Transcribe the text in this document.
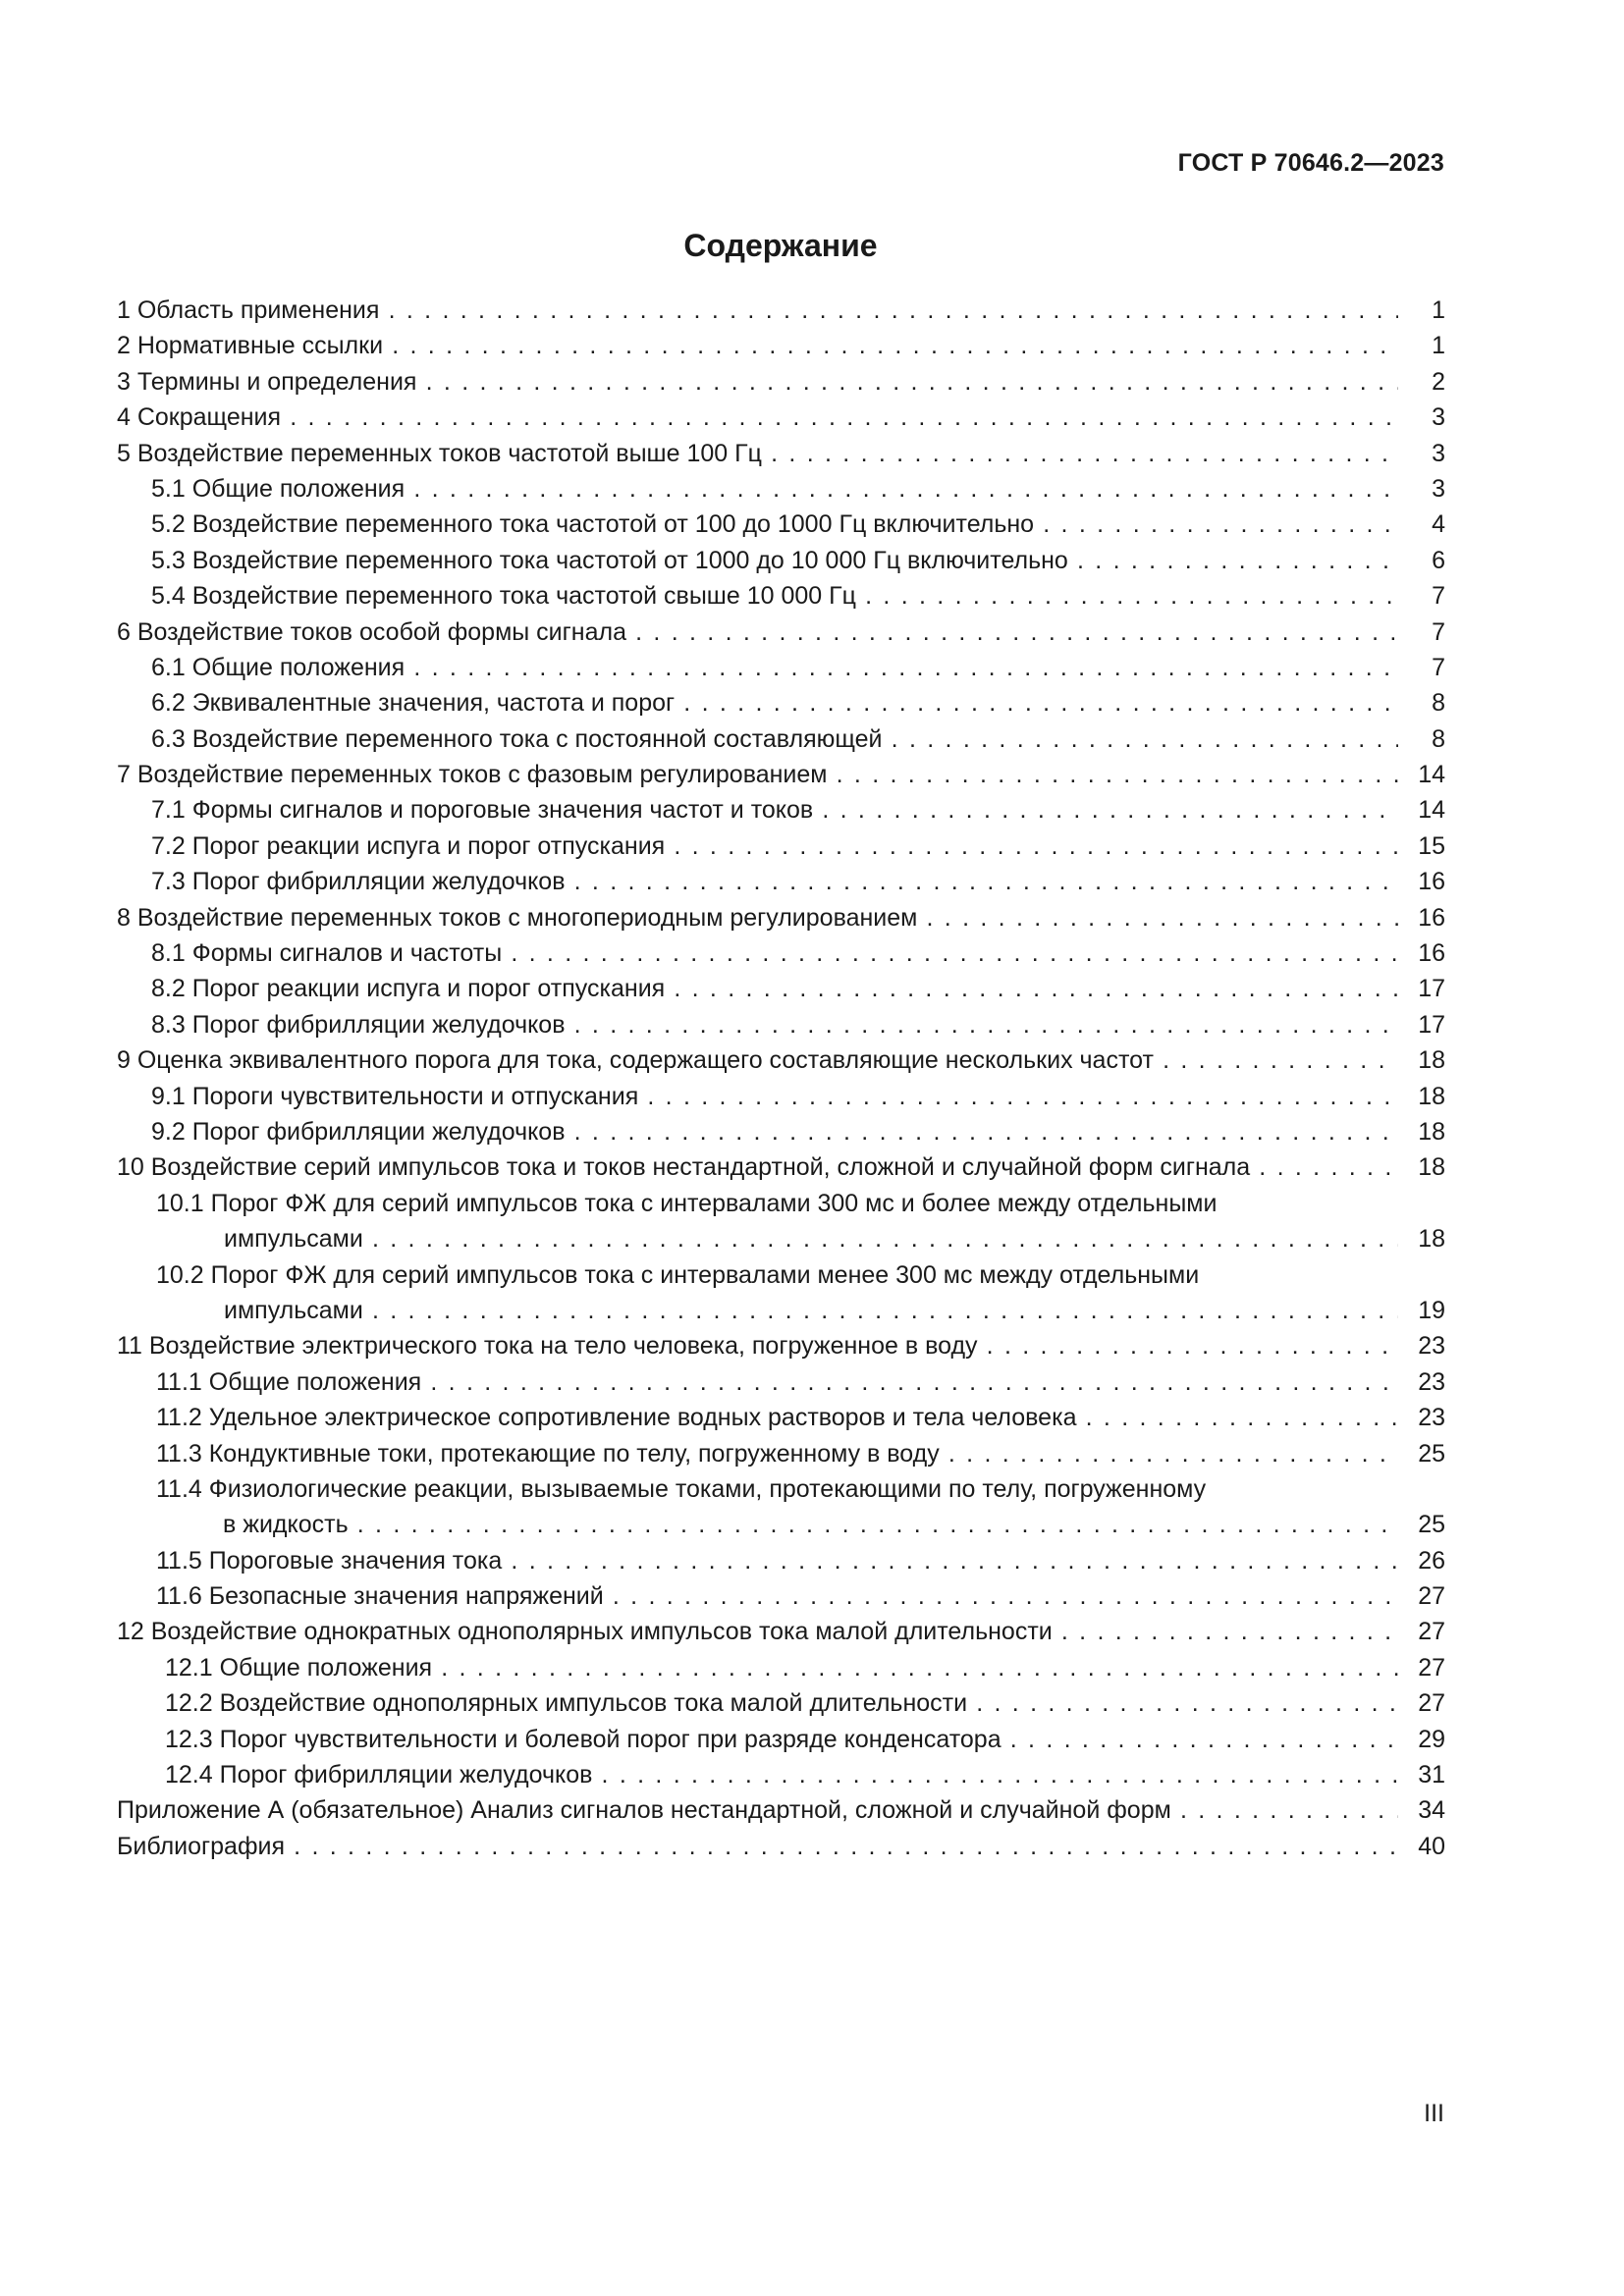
ГОСТ Р 70646.2—2023
Содержание
1 Область применения . . .	1
2 Нормативные ссылки . . .	1
3 Термины и определения . . .	2
4 Сокращения . . .	3
5 Воздействие переменных токов частотой выше 100 Гц . . .	3
5.1 Общие положения . . .	3
5.2 Воздействие переменного тока частотой от 100 до 1000 Гц включительно . . .	4
5.3 Воздействие переменного тока частотой от 1000 до 10 000 Гц включительно . . .	6
5.4 Воздействие переменного тока частотой свыше 10 000 Гц . . .	7
6 Воздействие токов особой формы сигнала . . .	7
6.1 Общие положения . . .	7
6.2 Эквивалентные значения, частота и порог . . .	8
6.3 Воздействие переменного тока с постоянной составляющей . . .	8
7 Воздействие переменных токов с фазовым регулированием . . .	14
7.1 Формы сигналов и пороговые значения частот и токов . . .	14
7.2 Порог реакции испуга и порог отпускания . . .	15
7.3 Порог фибрилляции желудочков . . .	16
8 Воздействие переменных токов с многопериодным регулированием . . .	16
8.1 Формы сигналов и частоты . . .	16
8.2 Порог реакции испуга и порог отпускания . . .	17
8.3 Порог фибрилляции желудочков . . .	17
9 Оценка эквивалентного порога для тока, содержащего составляющие нескольких частот . . .	18
9.1 Пороги чувствительности и отпускания . . .	18
9.2 Порог фибрилляции желудочков . . .	18
10 Воздействие серий импульсов тока и токов нестандартной, сложной и случайной форм сигнала . . .	18
10.1 Порог ФЖ для серий импульсов тока с интервалами 300 мс и более между отдельными
импульсами . . .	18
10.2 Порог ФЖ для серий импульсов тока с интервалами менее 300 мс между отдельными
импульсами . . .	19
11 Воздействие электрического тока на тело человека, погруженное в воду . . .	23
11.1 Общие положения . . .	23
11.2 Удельное электрическое сопротивление водных растворов и тела человека . . .	23
11.3 Кондуктивные токи, протекающие по телу, погруженному в воду . . .	25
11.4 Физиологические реакции, вызываемые токами, протекающими по телу, погруженному
в жидкость . . .	25
11.5 Пороговые значения тока . . .	26
11.6 Безопасные значения напряжений . . .	27
12 Воздействие однократных однополярных импульсов тока малой длительности . . .	27
12.1 Общие положения . . .	27
12.2 Воздействие однополярных импульсов тока малой длительности . . .	27
12.3 Порог чувствительности и болевой порог при разряде конденсатора . . .	29
12.4 Порог фибрилляции желудочков . . .	31
Приложение А (обязательное) Анализ сигналов нестандартной, сложной и случайной форм . . .	34
Библиография . . .	40
III
